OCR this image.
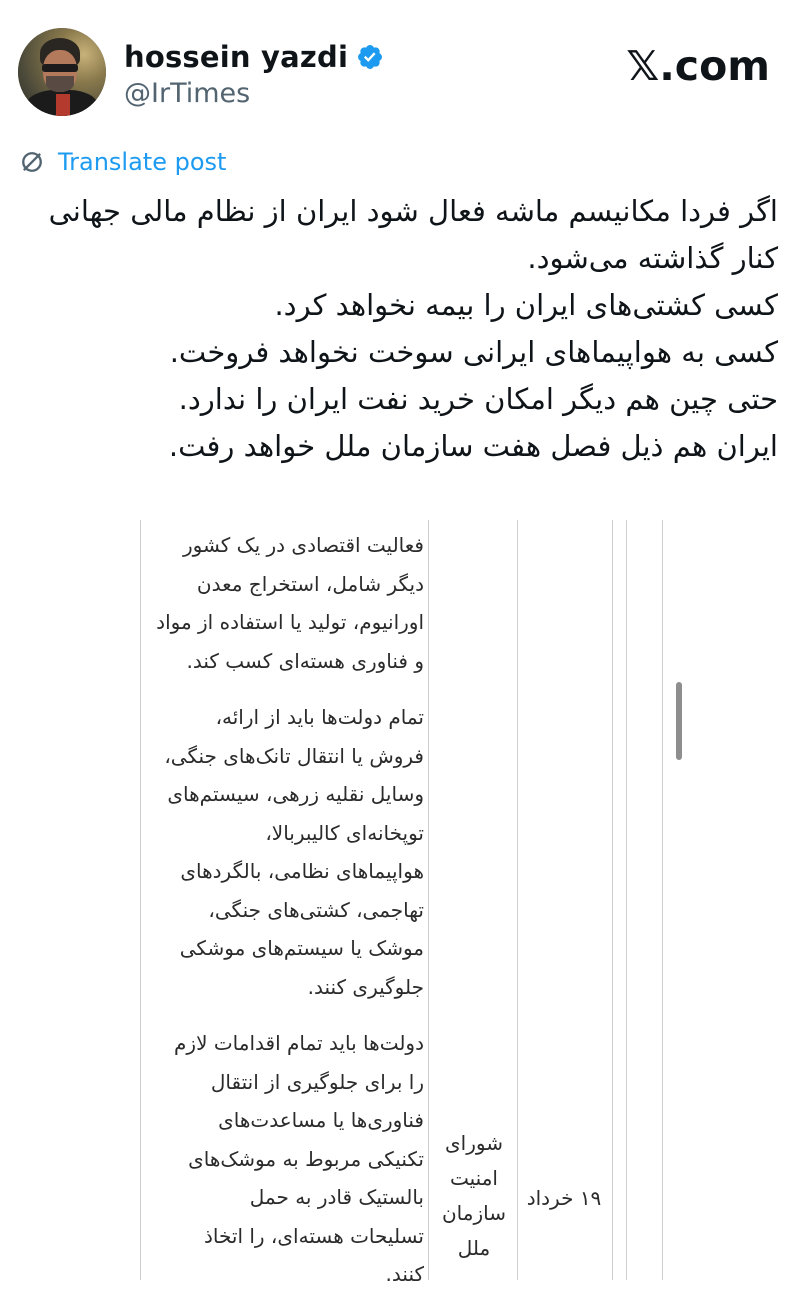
hossein yazdi
@IrTimes
𝕏.com
Translate post
اگر فردا مکانیسم ماشه فعال شود ایران از نظام مالی جهانی
کنار گذاشته می‌شود.
کسی کشتی‌های ایران را بیمه نخواهد کرد.
کسی به هواپیماهای ایرانی سوخت نخواهد فروخت.
حتی چین هم دیگر امکان خرید نفت ایران را ندارد.
ایران هم ذیل فصل هفت سازمان ملل خواهد رفت.
فعالیت اقتصادی در یک کشور
دیگر شامل، استخراج معدن
اورانیوم، تولید یا استفاده از مواد
و فناوری هسته‌ای کسب کند.
تمام دولت‌ها باید از ارائه،
فروش یا انتقال تانک‌های جنگی،
وسایل نقلیه زرهی، سیستم‌های
توپخانه‌ای کالیبربالا،
هواپیماهای نظامی، بالگردهای
تهاجمی، کشتی‌های جنگی،
موشک یا سیستم‌های موشکی
جلوگیری کنند.
دولت‌ها باید تمام اقدامات لازم
را برای جلوگیری از انتقال
فناوری‌ها یا مساعدت‌های
تکنیکی مربوط به موشک‌های
بالستیک قادر به حمل
تسلیحات هسته‌ای، را اتخاذ
کنند.
شورای
امنیت
سازمان
ملل
۱۹ خرداد
